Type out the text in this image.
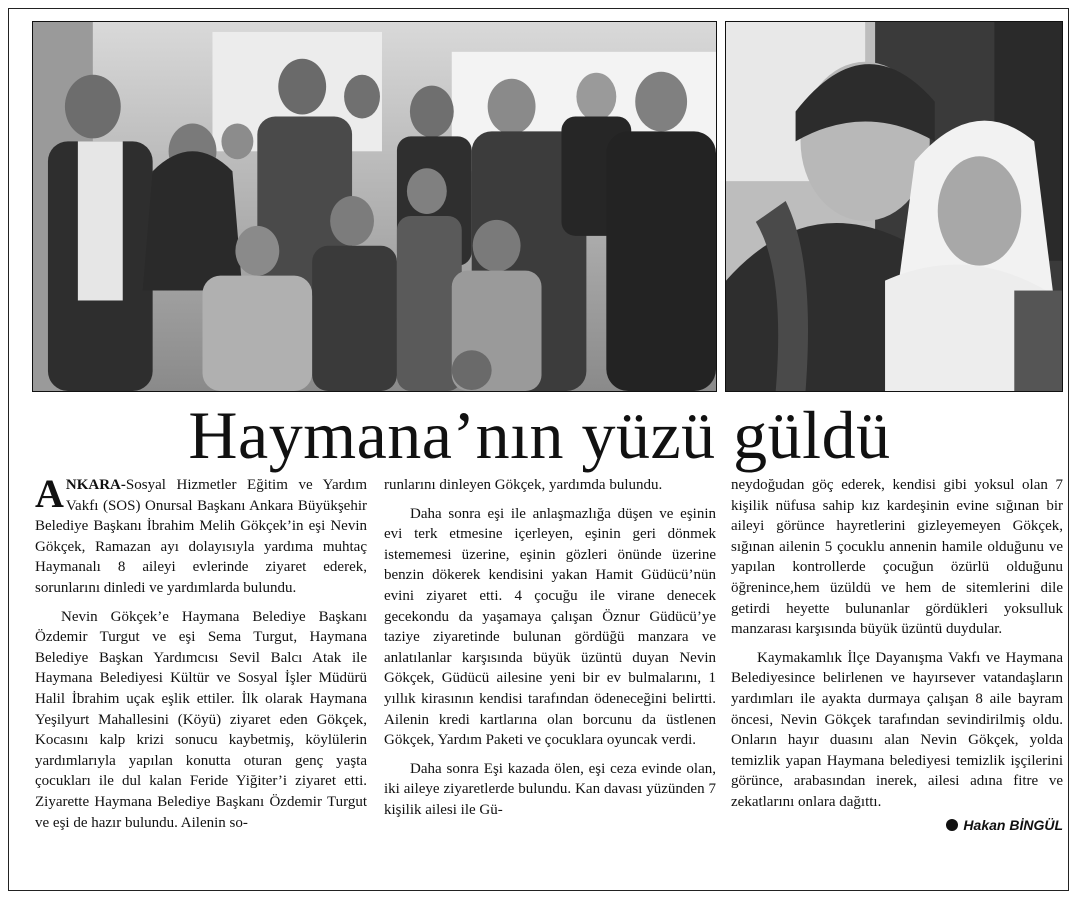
Haymana’nın yüzü güldü

ANKARA-Sosyal Hizmetler Eğitim ve Yardım Vakfı (SOS) Onursal Başkanı Ankara Büyükşehir Belediye Başkanı İbrahim Melih Gökçek’in eşi Nevin Gökçek, Ramazan ayı dolayısıyla yardıma muhtaç Haymanalı 8 aileyi evlerinde ziyaret ederek, sorunlarını dinledi ve yardımlarda bulundu.

Nevin Gökçek’e Haymana Belediye Başkanı Özdemir Turgut ve eşi Sema Turgut, Haymana Belediye Başkan Yardımcısı Sevil Balcı Atak ile Haymana Belediyesi Kültür ve Sosyal İşler Müdürü Halil İbrahim uçak eşlik ettiler. İlk olarak Haymana Yeşilyurt Mahallesini (Köyü) ziyaret eden Gökçek, Kocasını kalp krizi sonucu kaybetmiş, köylülerin yardımlarıyla yapılan konutta oturan genç yaşta çocukları ile dul kalan Feride Yiğiter’i ziyaret etti. Ziyarette Haymana Belediye Başkanı Özdemir Turgut ve eşi de hazır bulundu. Ailenin so-

runlarını dinleyen Gökçek, yardımda bulundu.

Daha sonra eşi ile anlaşmazlığa düşen ve eşinin evi terk etmesine içerleyen, eşinin geri dönmek istememesi üzerine, eşinin gözleri önünde üzerine benzin dökerek kendisini yakan Hamit Güdücü’nün evini ziyaret etti. 4 çocuğu ile virane denecek gecekondu da yaşamaya çalışan Öznur Güdücü’ye taziye ziyaretinde bulunan gördüğü manzara ve anlatılanlar karşısında büyük üzüntü duyan Nevin Gökçek, Güdücü ailesine yeni bir ev bulmalarını, 1 yıllık kirasının kendisi tarafından ödeneceğini belirtti. Ailenin kredi kartlarına olan borcunu da üstlenen Gökçek, Yardım Paketi ve çocuklara oyuncak verdi.

Daha sonra Eşi kazada ölen, eşi ceza evinde olan, iki aileye ziyaretlerde bulundu. Kan davası yüzünden 7 kişilik ailesi ile Gü-

neydoğudan göç ederek, kendisi gibi yoksul olan 7 kişilik nüfusa sahip kız kardeşinin evine sığınan bir aileyi görünce hayretlerini gizleyemeyen Gökçek, sığınan ailenin 5 çocuklu annenin hamile olduğunu ve yapılan kontrollerde çocuğun özürlü olduğunu öğrenince,hem üzüldü ve hem de sitemlerini dile getirdi heyette bulunanlar gördükleri yoksulluk manzarası karşısında büyük üzüntü duydular.

Kaymakamlık İlçe Dayanışma Vakfı ve Haymana Belediyesince belirlenen ve hayırsever vatandaşların yardımları ile ayakta durmaya çalışan 8 aile bayram öncesi, Nevin Gökçek tarafından sevindirilmiş oldu. Onların hayır duasını alan Nevin Gökçek, yolda temizlik yapan Haymana belediyesi temizlik işçilerini görünce, arabasından inerek, ailesi adına fitre ve zekatlarını onlara dağıttı.

Hakan BİNGÜL
